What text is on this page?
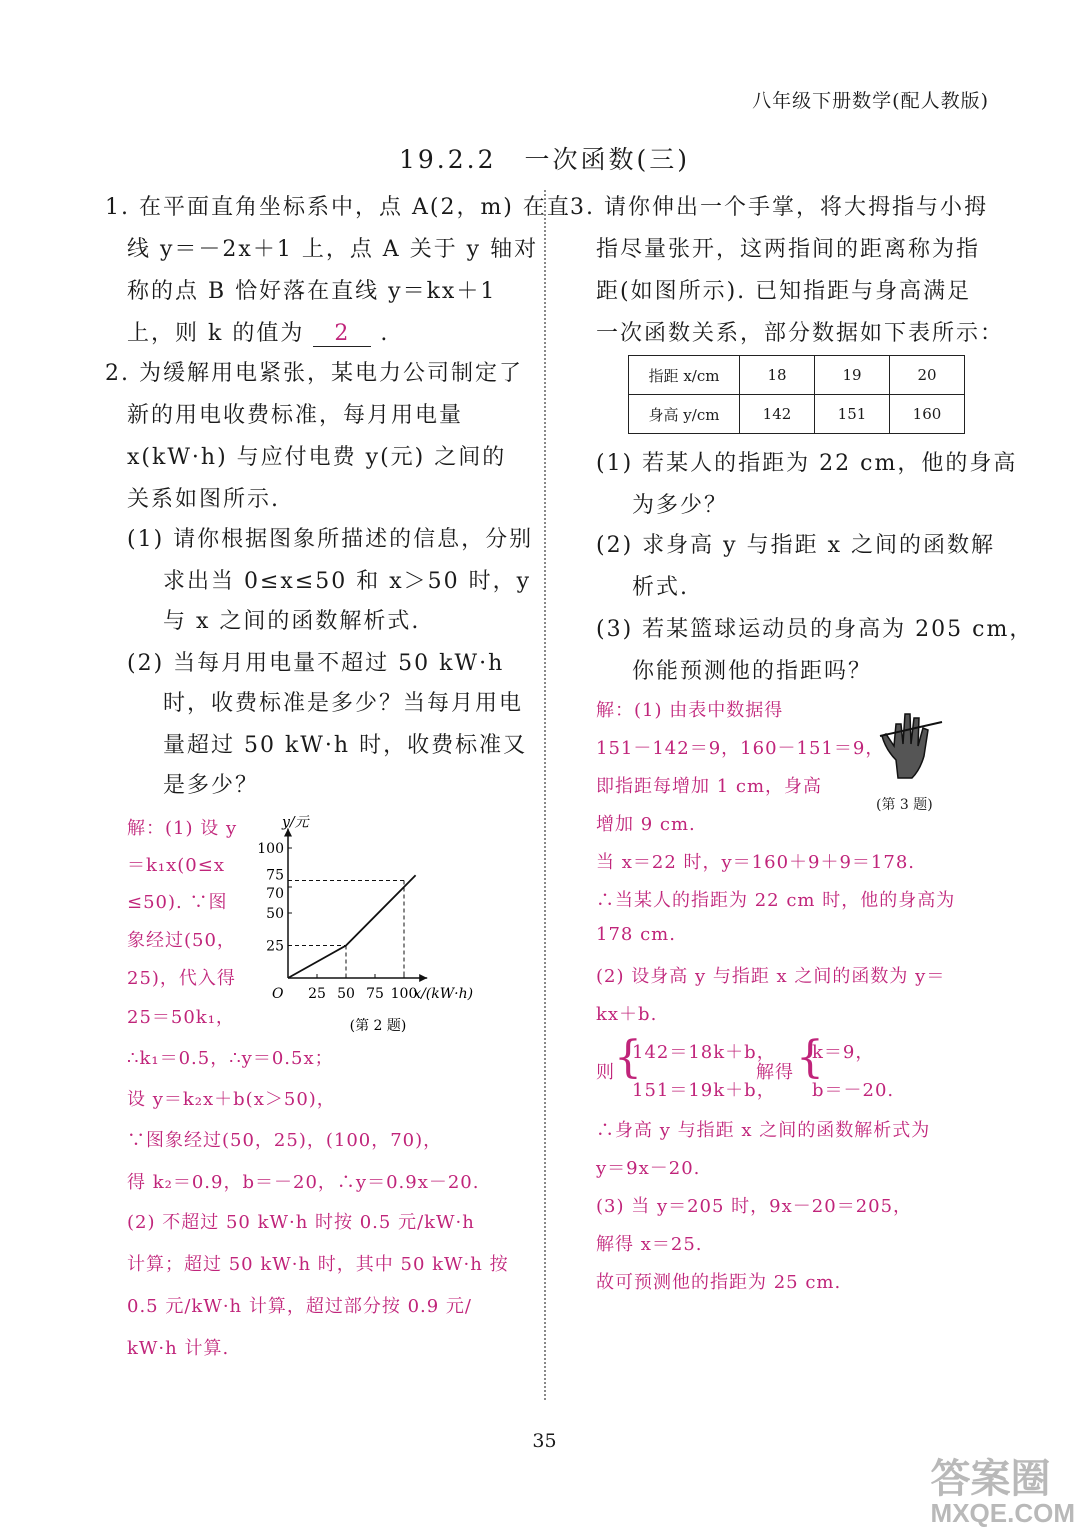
八年级下册数学(配人教版)
19.2.2　一次函数(三)
1. 在平面直角坐标系中，点 A(2，m) 在直
线 y＝－2x＋1 上，点 A 关于 y 轴对
称的点 B 恰好落在直线 y＝kx＋1
上，则 k 的值为 2 .
2. 为缓解用电紧张，某电力公司制定了
新的用电收费标准，每月用电量
x(kW·h) 与应付电费 y(元) 之间的
关系如图所示.
(1) 请你根据图象所描述的信息，分别
求出当 0≤x≤50 和 x＞50 时，y
与 x 之间的函数解析式.
(2) 当每月用电量不超过 50 kW·h
时，收费标准是多少？当每月用电
量超过 50 kW·h 时，收费标准又
是多少？
解：(1) 设 y
＝k₁x(0≤x
≤50). ∵图
象经过(50，
25)，代入得
25＝50k₁，
x/(kW·h)
y/元
O 25 50 75 100
25
50
70
75
100
(第 2 题)
∴k₁＝0.5，∴y＝0.5x；
设 y＝k₂x＋b(x＞50)，
∵图象经过(50，25)，(100，70)，
得 k₂＝0.9，b＝－20，∴y＝0.9x－20.
(2) 不超过 50 kW·h 时按 0.5 元/kW·h
计算；超过 50 kW·h 时，其中 50 kW·h 按
0.5 元/kW·h 计算，超过部分按 0.9 元/
kW·h 计算.
3. 请你伸出一个手掌，将大拇指与小拇
指尽量张开，这两指间的距离称为指
距(如图所示). 已知指距与身高满足
一次函数关系，部分数据如下表所示：
指距 x/cm	18	19	20
身高 y/cm	142	151	160
(1) 若某人的指距为 22 cm，他的身高
为多少？
(2) 求身高 y 与指距 x 之间的函数解
析式.
(3) 若某篮球运动员的身高为 205 cm，
你能预测他的指距吗？
解：(1) 由表中数据得
151－142＝9，160－151＝9，
即指距每增加 1 cm，身高
增加 9 cm.
(第 3 题)
当 x＝22 时，y＝160＋9＋9＝178.
∴当某人的指距为 22 cm 时，他的身高为
178 cm.
(2) 设身高 y 与指距 x 之间的函数为 y＝
kx＋b.
则 {
142＝18k＋b，
151＝19k＋b，
解得 {
k＝9，
b＝－20.
∴身高 y 与指距 x 之间的函数解析式为
y＝9x－20.
(3) 当 y＝205 时，9x－20＝205，
解得 x＝25.
故可预测他的指距为 25 cm.
35
答案圈
MXQE.COM
